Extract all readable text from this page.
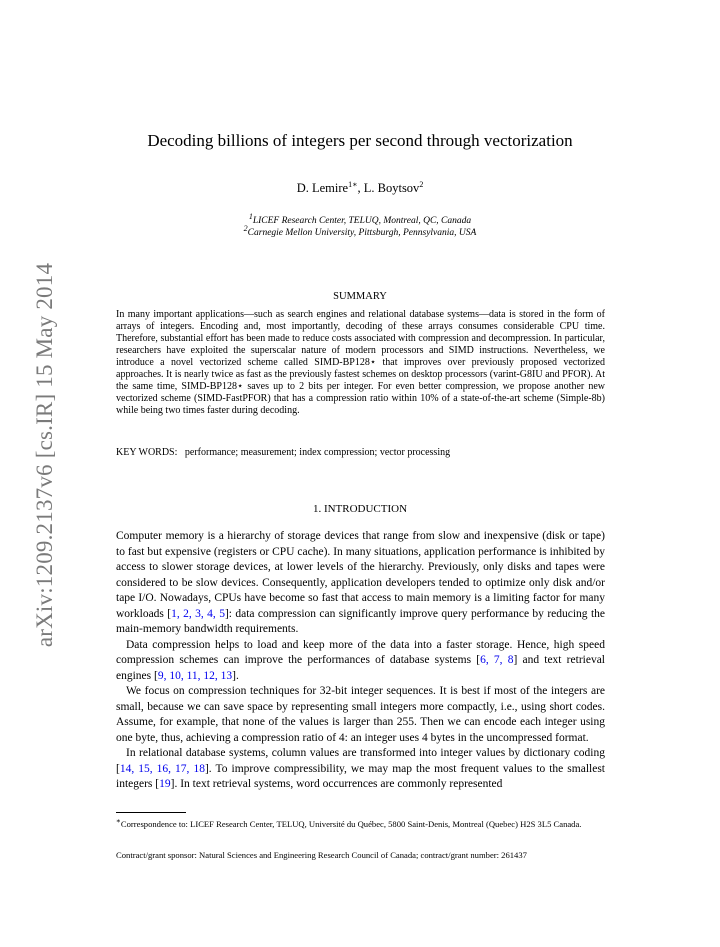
arXiv:1209.2137v6 [cs.IR] 15 May 2014
Decoding billions of integers per second through vectorization
D. Lemire$^{1∗}$, L. Boytsov$^2$
$^1$LICEF Research Center, TELUQ, Montreal, QC, Canada
$^2$Carnegie Mellon University, Pittsburgh, Pennsylvania, USA
SUMMARY
In many important applications—such as search engines and relational database systems—data is stored in the form of arrays of integers. Encoding and, most importantly, decoding of these arrays consumes considerable CPU time. Therefore, substantial effort has been made to reduce costs associated with compression and decompression. In particular, researchers have exploited the superscalar nature of modern processors and SIMD instructions. Nevertheless, we introduce a novel vectorized scheme called SIMD-BP128⋆ that improves over previously proposed vectorized approaches. It is nearly twice as fast as the previously fastest schemes on desktop processors (varint-G8IU and PFOR). At the same time, SIMD-BP128⋆ saves up to 2 bits per integer. For even better compression, we propose another new vectorized scheme (SIMD-FastPFOR) that has a compression ratio within 10% of a state-of-the-art scheme (Simple-8b) while being two times faster during decoding.
KEY WORDS: performance; measurement; index compression; vector processing
1. INTRODUCTION

Computer memory is a hierarchy of storage devices that range from slow and inexpensive (disk or tape) to fast but expensive (registers or CPU cache). In many situations, application performance is inhibited by access to slower storage devices, at lower levels of the hierarchy. Previously, only disks and tapes were considered to be slow devices. Consequently, application developers tended to optimize only disk and/or tape I/O. Nowadays, CPUs have become so fast that access to main memory is a limiting factor for many workloads [1, 2, 3, 4, 5]: data compression can significantly improve query performance by reducing the main-memory bandwidth requirements.

Data compression helps to load and keep more of the data into a faster storage. Hence, high speed compression schemes can improve the performances of database systems [6, 7, 8] and text retrieval engines [9, 10, 11, 12, 13].

We focus on compression techniques for 32-bit integer sequences. It is best if most of the integers are small, because we can save space by representing small integers more compactly, i.e., using short codes. Assume, for example, that none of the values is larger than 255. Then we can encode each integer using one byte, thus, achieving a compression ratio of 4: an integer uses 4 bytes in the uncompressed format.

In relational database systems, column values are transformed into integer values by dictionary coding [14, 15, 16, 17, 18]. To improve compressibility, we may map the most frequent values to the smallest integers [19]. In text retrieval systems, word occurrences are commonly represented

∗Correspondence to: LICEF Research Center, TELUQ, Université du Québec, 5800 Saint-Denis, Montreal (Quebec) H2S 3L5 Canada.
Contract/grant sponsor: Natural Sciences and Engineering Research Council of Canada; contract/grant number: 261437
